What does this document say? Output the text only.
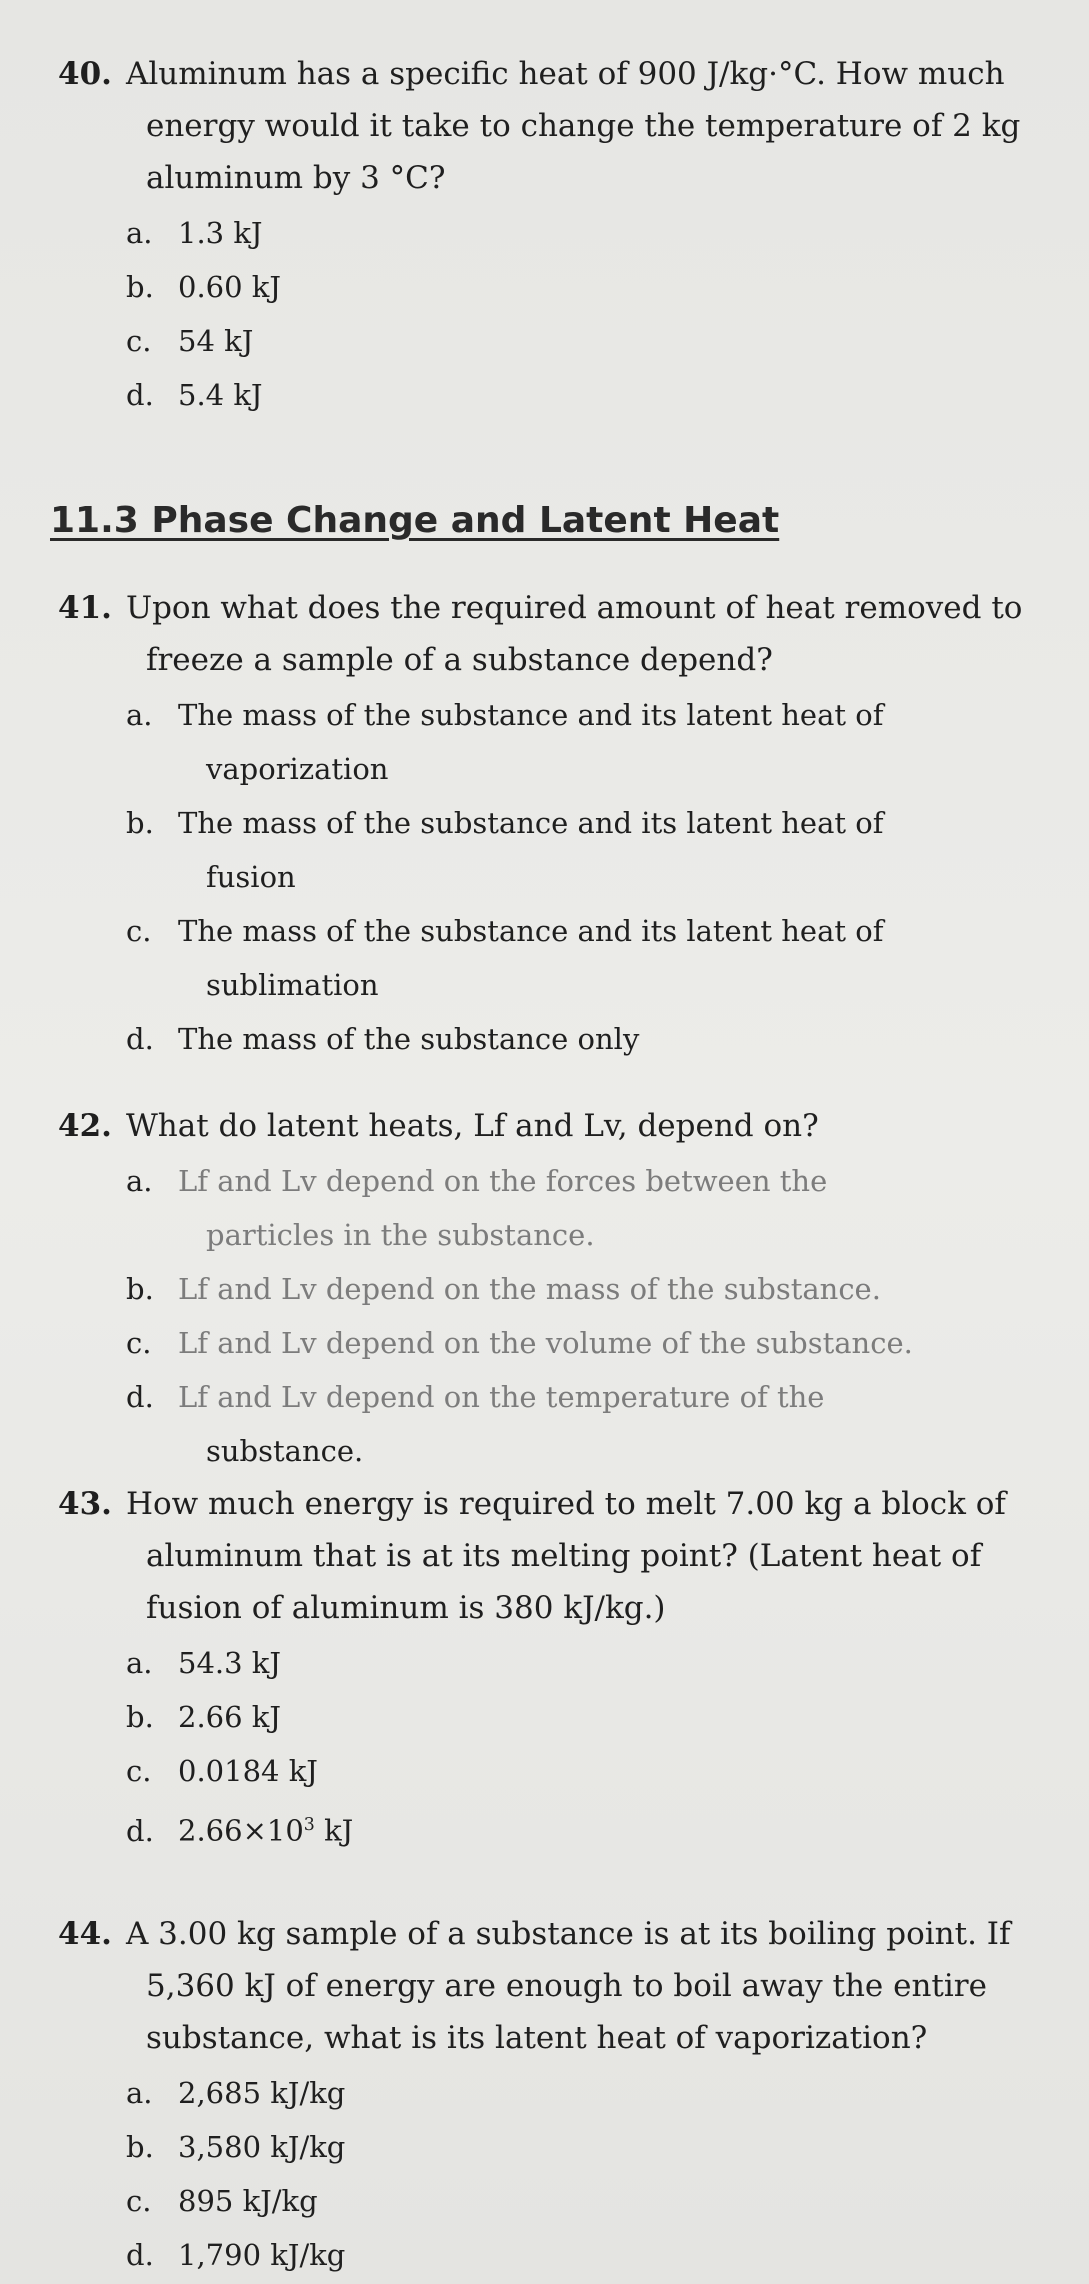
40. Aluminum has a specific heat of 900 J/kg·°C. How much
energy would it take to change the temperature of 2 kg
aluminum by 3 °C?
a. 1.3 kJ
b. 0.60 kJ
c. 54 kJ
d. 5.4 kJ
11.3 Phase Change and Latent Heat
41. Upon what does the required amount of heat removed to
freeze a sample of a substance depend?
a. The mass of the substance and its latent heat of
vaporization
b. The mass of the substance and its latent heat of
fusion
c. The mass of the substance and its latent heat of
sublimation
d. The mass of the substance only
42. What do latent heats, Lf and Lv, depend on?
a. Lf and Lv depend on the forces between the
particles in the substance.
b. Lf and Lv depend on the mass of the substance.
c. Lf and Lv depend on the volume of the substance.
d. Lf and Lv depend on the temperature of the
substance.
43. How much energy is required to melt 7.00 kg a block of
aluminum that is at its melting point? (Latent heat of
fusion of aluminum is 380 kJ/kg.)
a. 54.3 kJ
b. 2.66 kJ
c. 0.0184 kJ
d. $2.66\times 10^3$ kJ
44. A 3.00 kg sample of a substance is at its boiling point. If
5,360 kJ of energy are enough to boil away the entire
substance, what is its latent heat of vaporization?
a. 2,685 kJ/kg
b. 3,580 kJ/kg
c. 895 kJ/kg
d. 1,790 kJ/kg
